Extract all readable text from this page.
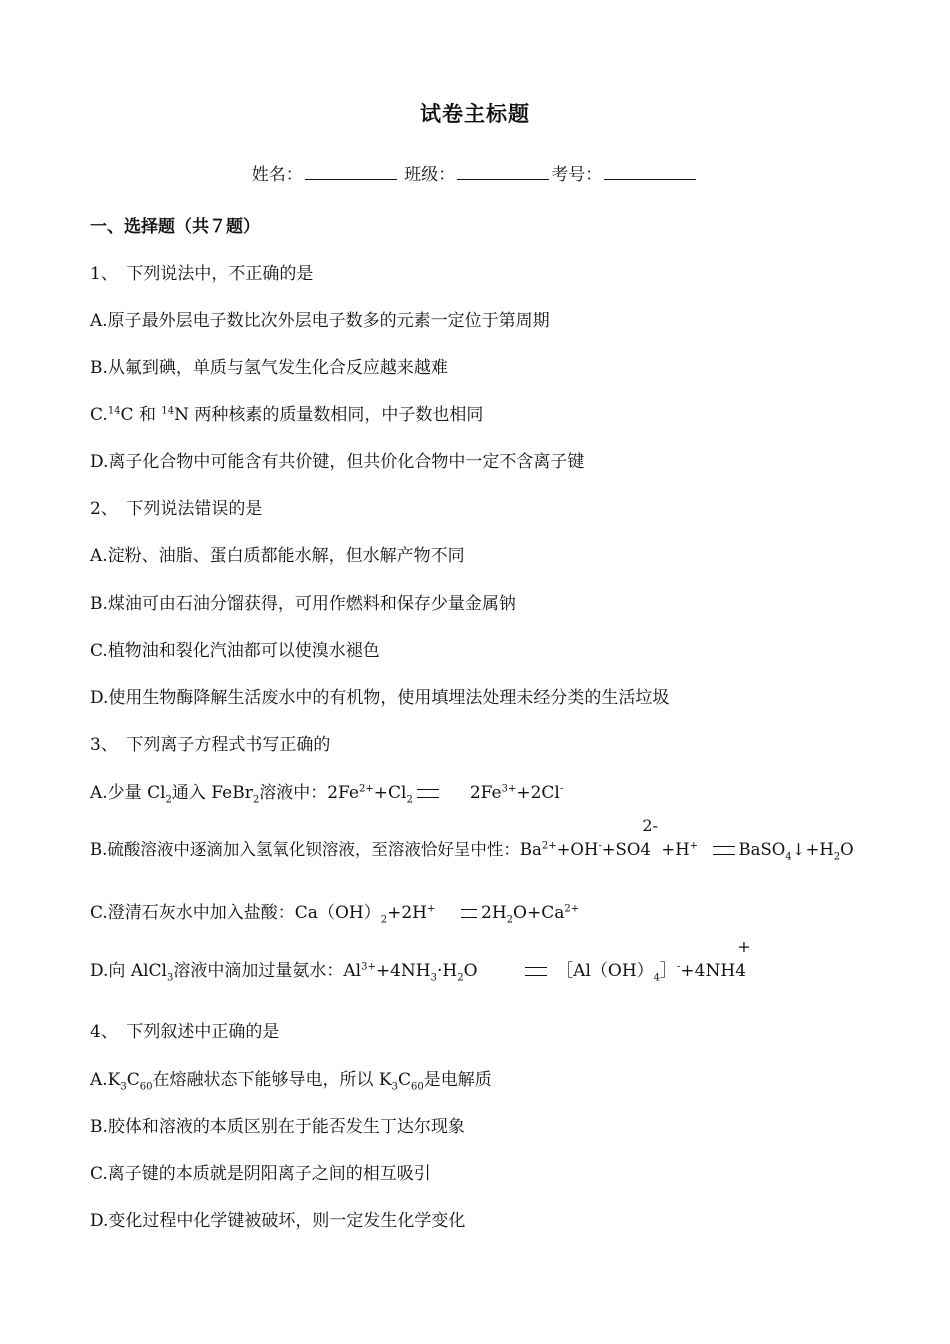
试卷主标题
姓名：	班级：	考号：
一、选择题（共７题）
1、　下列说法中，不正确的是
A.原子最外层电子数比次外层电子数多的元素一定位于第周期
B.从氟到碘，单质与氢气发生化合反应越来越难
C.$^{14}$C 和 $^{14}$N 两种核素的质量数相同，中子数也相同
D.离子化合物中可能含有共价键，但共价化合物中一定不含离子键
2、　下列说法错误的是
A.淀粉、油脂、蛋白质都能水解，但水解产物不同
B.煤油可由石油分馏获得，可用作燃料和保存少量金属钠
C.植物油和裂化汽油都可以使溴水褪色
D.使用生物酶降解生活废水中的有机物，使用填埋法处理未经分类的生活垃圾
3、　下列离子方程式书写正确的
A.少量 $Cl_2$通入 FeBr$_2$溶液中：$2Fe^{2+}+Cl_2$	$2Fe^{3+}+2Cl^-$
B.硫酸溶液中逐滴加入氢氧化钡溶液，至溶液恰好呈中性：$Ba^{2+}+OH^-+SO$
2-
4 +H+ $BaSO_4↓+H_2O$
C.澄清石灰水中加入盐酸：$Ca(OH)_2+2H^+$	$2H_2O+Ca^{2+}$
D.向 AlCl$_3$溶液中滴加过量氨水：$Al^{3+}+4NH_3\cdot H_2O$	$[Al(OH)_4]^-+4NH$
+
4
4、　下列叙述中正确的是
$A.K_3C_{60}$在熔融状态下能够导电，所以 $K_3C_{60}$是电解质
B.胶体和溶液的本质区别在于能否发生丁达尔现象
C.离子键的本质就是阴阳离子之间的相互吸引
D.变化过程中化学键被破坏，则一定发生化学变化
